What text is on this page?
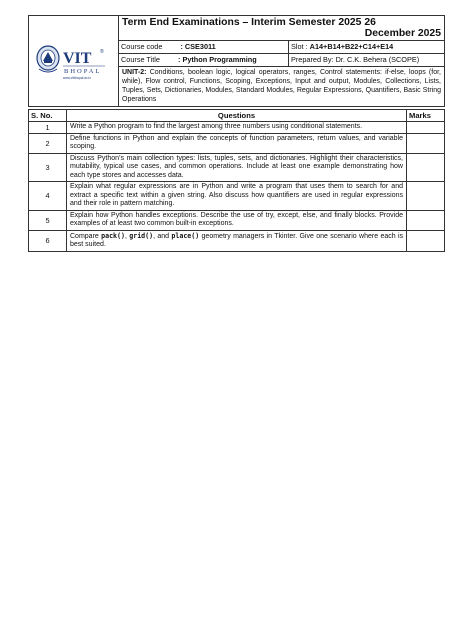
VIT ®
BHOPAL
www.vitbhopal.ac.in	Term End Examinations – Interim Semester 2025 26
December 2025	

	Course code : CSE3011	Slot : A14+B14+B22+C14+E14
	Course Title : Python Programming	Prepared By: Dr. C.K. Behera (SCOPE)
	UNIT-2: Conditions, boolean logic, logical operators, ranges, Control statements: if-else, loops (for, while), Flow control, Functions, Scoping, Exceptions, Input and output, Modules, Collections, Lists, Tuples, Sets, Dictionaries, Modules, Standard Modules, Regular Expressions, Quantifiers, Basic String Operations	
S. No.	Questions	Marks
1	Write a Python program to find the largest among three numbers using conditional statements.	
2	Define functions in Python and explain the concepts of function parameters, return values, and variable scoping.	
3	Discuss Python’s main collection types: lists, tuples, sets, and dictionaries. Highlight their characteristics, mutability, typical use cases, and common operations. Include at least one example demonstrating how each type stores and accesses data.	
4	Explain what regular expressions are in Python and write a program that uses them to search for and extract a specific text within a given string. Also discuss how quantifiers are used in regular expressions and their role in pattern matching.	
5	Explain how Python handles exceptions. Describe the use of try, except, else, and finally blocks. Provide examples of at least two common built-in exceptions.	
6	Compare pack(), grid(), and place() geometry managers in Tkinter. Give one scenario where each is best suited.	
